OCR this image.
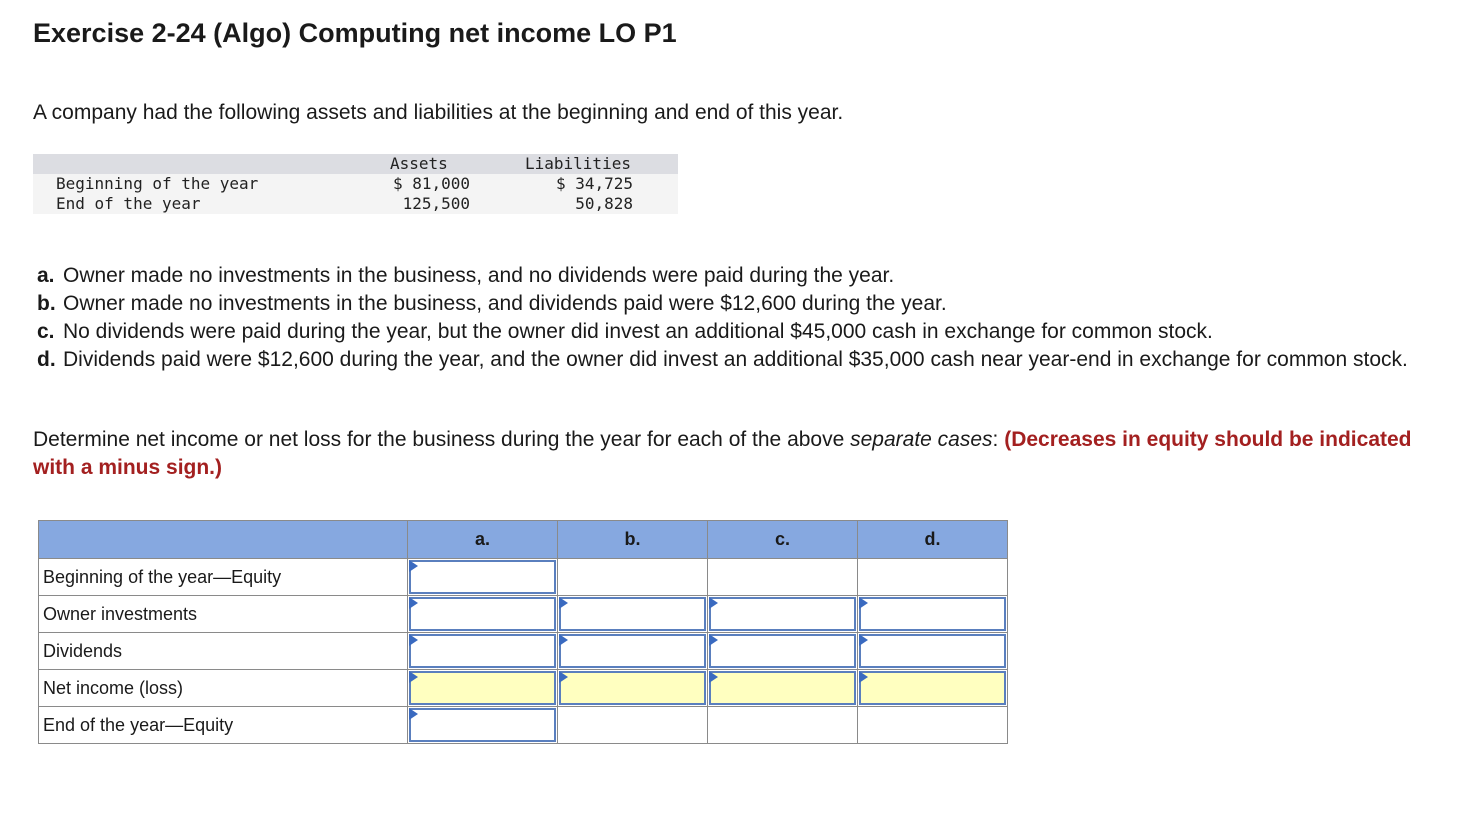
Exercise 2-24 (Algo) Computing net income LO P1
A company had the following assets and liabilities at the beginning and end of this year.
Assets	Liabilities
Beginning of the year	$ 81,000	$ 34,725
End of the year	125,500	50,828
a. Owner made no investments in the business, and no dividends were paid during the year.
b. Owner made no investments in the business, and dividends paid were $12,600 during the year.
c. No dividends were paid during the year, but the owner did invest an additional $45,000 cash in exchange for common stock.
d. Dividends paid were $12,600 during the year, and the owner did invest an additional $35,000 cash near year-end in exchange for common stock.
Determine net income or net loss for the business during the year for each of the above separate cases: (Decreases in equity should be indicated with a minus sign.)
	a.	b.	c.	d.
Beginning of the year—Equity	

Owner investments	

Dividends	

Net income (loss)	

End of the year—Equity	
